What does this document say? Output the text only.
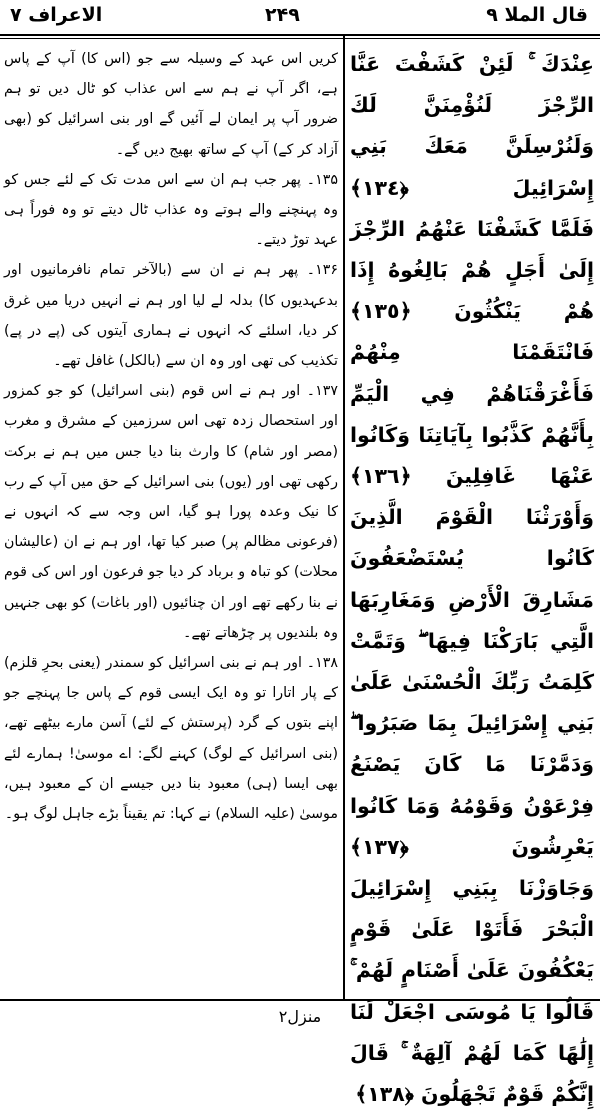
الاعراف ۷	۲۴۹	قال الملا ۹

کریں اس عہد کے وسیلہ سے جو (اس کا) آپ کے پاس ہے، اگر آپ نے ہم سے اس عذاب کو ٹال دیں تو ہم ضرور آپ پر ایمان لے آئیں گے اور بنی اسرائیل کو (بھی آزاد کر کے) آپ کے ساتھ بھیج دیں گے۔

۱۳۵۔ پھر جب ہم ان سے اس مدت تک کے لئے جس کو وہ پہنچنے والے ہوتے وہ عذاب ٹال دیتے تو وہ فوراً ہی عہد توڑ دیتے۔

۱۳۶۔ پھر ہم نے ان سے (بالآخر تمام نافرمانیوں اور بدعہدیوں کا) بدلہ لے لیا اور ہم نے انہیں دریا میں غرق کر دیا، اسلئے کہ انہوں نے ہماری آیتوں کی (پے در پے) تکذیب کی تھی اور وہ ان سے (بالکل) غافل تھے۔

۱۳۷۔ اور ہم نے اس قوم (بنی اسرائیل) کو جو کمزور اور استحصال زدہ تھی اس سرزمین کے مشرق و مغرب (مصر اور شام) کا وارث بنا دیا جس میں ہم نے برکت رکھی تھی اور (یوں) بنی اسرائیل کے حق میں آپ کے رب کا نیک وعدہ پورا ہو گیا، اس وجہ سے کہ انہوں نے (فرعونی مظالم پر) صبر کیا تھا، اور ہم نے ان (عالیشان محلات) کو تباہ و برباد کر دیا جو فرعون اور اس کی قوم نے بنا رکھے تھے اور ان چنائیوں (اور باغات) کو بھی جنہیں وہ بلندیوں پر چڑھاتے تھے۔

۱۳۸۔ اور ہم نے بنی اسرائیل کو سمندر (یعنی بحرِ قلزم) کے پار اتارا تو وہ ایک ایسی قوم کے پاس جا پہنچے جو اپنے بتوں کے گرد (پرستش کے لئے) آسن مارے بیٹھے تھے، (بنی اسرائیل کے لوگ) کہنے لگے: اے موسیٰ! ہمارے لئے بھی ایسا (ہی) معبود بنا دیں جیسے ان کے معبود ہیں، موسیٰ (علیہ السلام) نے کہا: تم یقیناً بڑے جاہل لوگ ہو۔

عِنْدَكَ ۚ لَئِنْ كَشَفْتَ عَنَّا الرِّجْزَ لَنُؤْمِنَنَّ لَكَ وَلَنُرْسِلَنَّ مَعَكَ بَنِي إِسْرَائِيلَ ﴿١٣٤﴾

فَلَمَّا كَشَفْنَا عَنْهُمُ الرِّجْزَ إِلَىٰ أَجَلٍ هُمْ بَالِغُوهُ إِذَا هُمْ يَنْكُثُونَ ﴿١٣٥﴾

فَانْتَقَمْنَا مِنْهُمْ فَأَغْرَقْنَاهُمْ فِي الْيَمِّ بِأَنَّهُمْ كَذَّبُوا بِآيَاتِنَا وَكَانُوا عَنْهَا غَافِلِينَ ﴿١٣٦﴾

وَأَوْرَثْنَا الْقَوْمَ الَّذِينَ كَانُوا يُسْتَضْعَفُونَ مَشَارِقَ الْأَرْضِ وَمَغَارِبَهَا الَّتِي بَارَكْنَا فِيهَا ۖ وَتَمَّتْ كَلِمَتُ رَبِّكَ الْحُسْنَىٰ عَلَىٰ بَنِي إِسْرَائِيلَ بِمَا صَبَرُوا ۖ وَدَمَّرْنَا مَا كَانَ يَصْنَعُ فِرْعَوْنُ وَقَوْمُهُ وَمَا كَانُوا يَعْرِشُونَ ﴿١٣٧﴾

وَجَاوَزْنَا بِبَنِي إِسْرَائِيلَ الْبَحْرَ فَأَتَوْا عَلَىٰ قَوْمٍ يَعْكُفُونَ عَلَىٰ أَصْنَامٍ لَهُمْ ۚ قَالُوا يَا مُوسَى اجْعَلْ لَنَا إِلَٰهًا كَمَا لَهُمْ آلِهَةٌ ۚ قَالَ إِنَّكُمْ قَوْمٌ تَجْهَلُونَ ﴿١٣٨﴾

منزل۲
